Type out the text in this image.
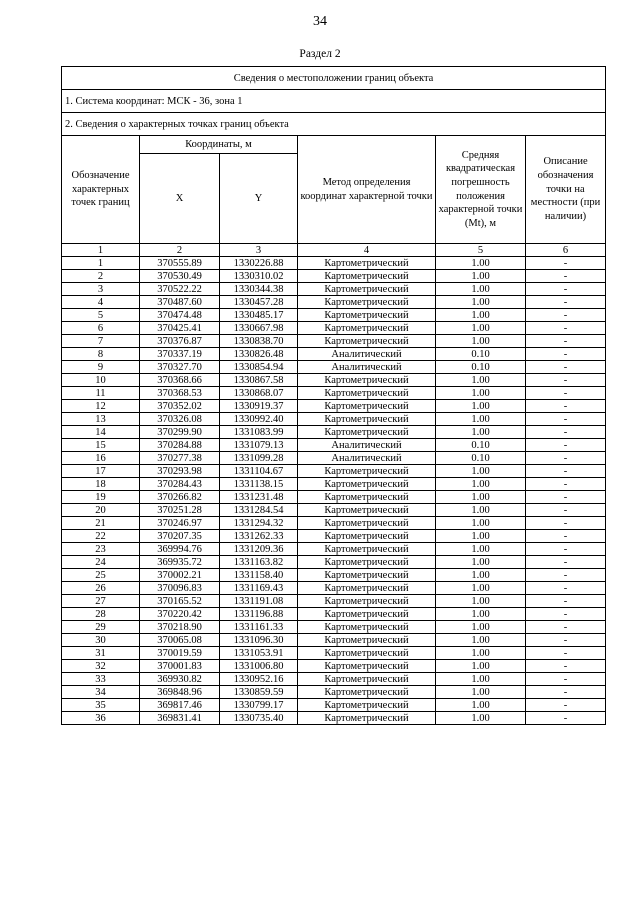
34
Раздел 2
Сведения о местоположении границ объекта					
1. Система координат: МСК - 36, зона 1					
2. Сведения о характерных точках границ объекта					
Обозначение характерных точек границ	Координаты, м		Метод определения координат характерной точки	Средняя квадратическая погрешность положения характерной точки (Mt), м	Описание обозначения точки на местности (при наличии)
	X	Y			
1	2	3	4	5	6
1	370555.89	1330226.88	Картометрический	1.00	-
2	370530.49	1330310.02	Картометрический	1.00	-
3	370522.22	1330344.38	Картометрический	1.00	-
4	370487.60	1330457.28	Картометрический	1.00	-
5	370474.48	1330485.17	Картометрический	1.00	-
6	370425.41	1330667.98	Картометрический	1.00	-
7	370376.87	1330838.70	Картометрический	1.00	-
8	370337.19	1330826.48	Аналитический	0.10	-
9	370327.70	1330854.94	Аналитический	0.10	-
10	370368.66	1330867.58	Картометрический	1.00	-
11	370368.53	1330868.07	Картометрический	1.00	-
12	370352.02	1330919.37	Картометрический	1.00	-
13	370326.08	1330992.40	Картометрический	1.00	-
14	370299.90	1331083.99	Картометрический	1.00	-
15	370284.88	1331079.13	Аналитический	0.10	-
16	370277.38	1331099.28	Аналитический	0.10	-
17	370293.98	1331104.67	Картометрический	1.00	-
18	370284.43	1331138.15	Картометрический	1.00	-
19	370266.82	1331231.48	Картометрический	1.00	-
20	370251.28	1331284.54	Картометрический	1.00	-
21	370246.97	1331294.32	Картометрический	1.00	-
22	370207.35	1331262.33	Картометрический	1.00	-
23	369994.76	1331209.36	Картометрический	1.00	-
24	369935.72	1331163.82	Картометрический	1.00	-
25	370002.21	1331158.40	Картометрический	1.00	-
26	370096.83	1331169.43	Картометрический	1.00	-
27	370165.52	1331191.08	Картометрический	1.00	-
28	370220.42	1331196.88	Картометрический	1.00	-
29	370218.90	1331161.33	Картометрический	1.00	-
30	370065.08	1331096.30	Картометрический	1.00	-
31	370019.59	1331053.91	Картометрический	1.00	-
32	370001.83	1331006.80	Картометрический	1.00	-
33	369930.82	1330952.16	Картометрический	1.00	-
34	369848.96	1330859.59	Картометрический	1.00	-
35	369817.46	1330799.17	Картометрический	1.00	-
36	369831.41	1330735.40	Картометрический	1.00	-
